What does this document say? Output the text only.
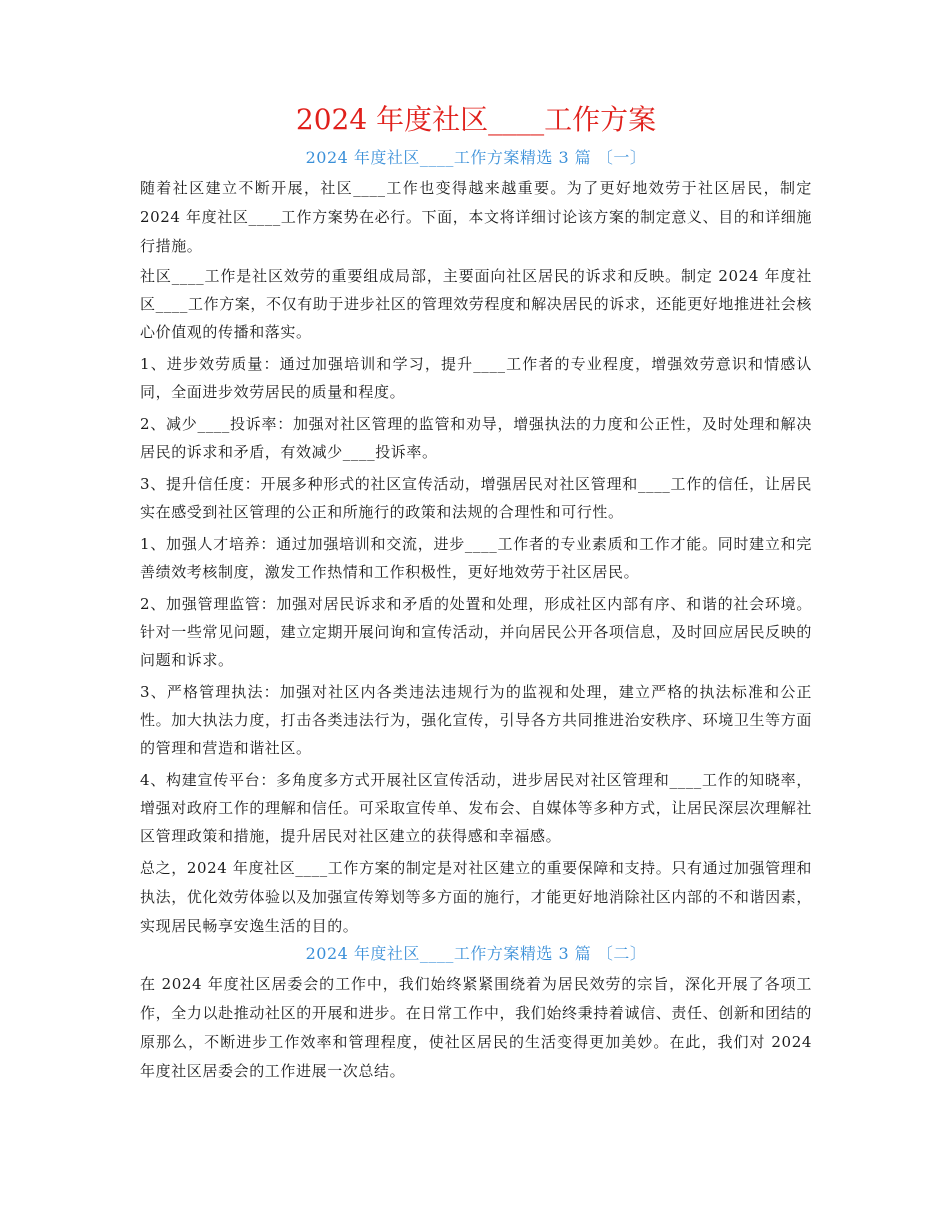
2024 年度社区____工作方案
2024 年度社区____工作方案精选 3 篇 〔一〕

随着社区建立不断开展，社区____工作也变得越来越重要。为了更好地效劳于社区居民，制定 2024 年度社区____工作方案势在必行。下面，本文将详细讨论该方案的制定意义、目的和详细施行措施。

社区____工作是社区效劳的重要组成局部，主要面向社区居民的诉求和反映。制定 2024 年度社区____工作方案，不仅有助于进步社区的管理效劳程度和解决居民的诉求，还能更好地推进社会核心价值观的传播和落实。

1、进步效劳质量：通过加强培训和学习，提升____工作者的专业程度，增强效劳意识和情感认同，全面进步效劳居民的质量和程度。

2、减少____投诉率：加强对社区管理的监管和劝导，增强执法的力度和公正性，及时处理和解决居民的诉求和矛盾，有效减少____投诉率。

3、提升信任度：开展多种形式的社区宣传活动，增强居民对社区管理和____工作的信任，让居民实在感受到社区管理的公正和所施行的政策和法规的合理性和可行性。

1、加强人才培养：通过加强培训和交流，进步____工作者的专业素质和工作才能。同时建立和完善绩效考核制度，激发工作热情和工作积极性，更好地效劳于社区居民。

2、加强管理监管：加强对居民诉求和矛盾的处置和处理，形成社区内部有序、和谐的社会环境。针对一些常见问题，建立定期开展问询和宣传活动，并向居民公开各项信息，及时回应居民反映的问题和诉求。

3、严格管理执法：加强对社区内各类违法违规行为的监视和处理，建立严格的执法标准和公正性。加大执法力度，打击各类违法行为，强化宣传，引导各方共同推进治安秩序、环境卫生等方面的管理和营造和谐社区。

4、构建宣传平台：多角度多方式开展社区宣传活动，进步居民对社区管理和____工作的知晓率，增强对政府工作的理解和信任。可采取宣传单、发布会、自媒体等多种方式，让居民深层次理解社区管理政策和措施，提升居民对社区建立的获得感和幸福感。

总之，2024 年度社区____工作方案的制定是对社区建立的重要保障和支持。只有通过加强管理和执法，优化效劳体验以及加强宣传筹划等多方面的施行，才能更好地消除社区内部的不和谐因素，实现居民畅享安逸生活的目的。

2024 年度社区____工作方案精选 3 篇 〔二〕

在 2024 年度社区居委会的工作中，我们始终紧紧围绕着为居民效劳的宗旨，深化开展了各项工作，全力以赴推动社区的开展和进步。在日常工作中，我们始终秉持着诚信、责任、创新和团结的原那么，不断进步工作效率和管理程度，使社区居民的生活变得更加美妙。在此，我们对 2024 年度社区居委会的工作进展一次总结。
